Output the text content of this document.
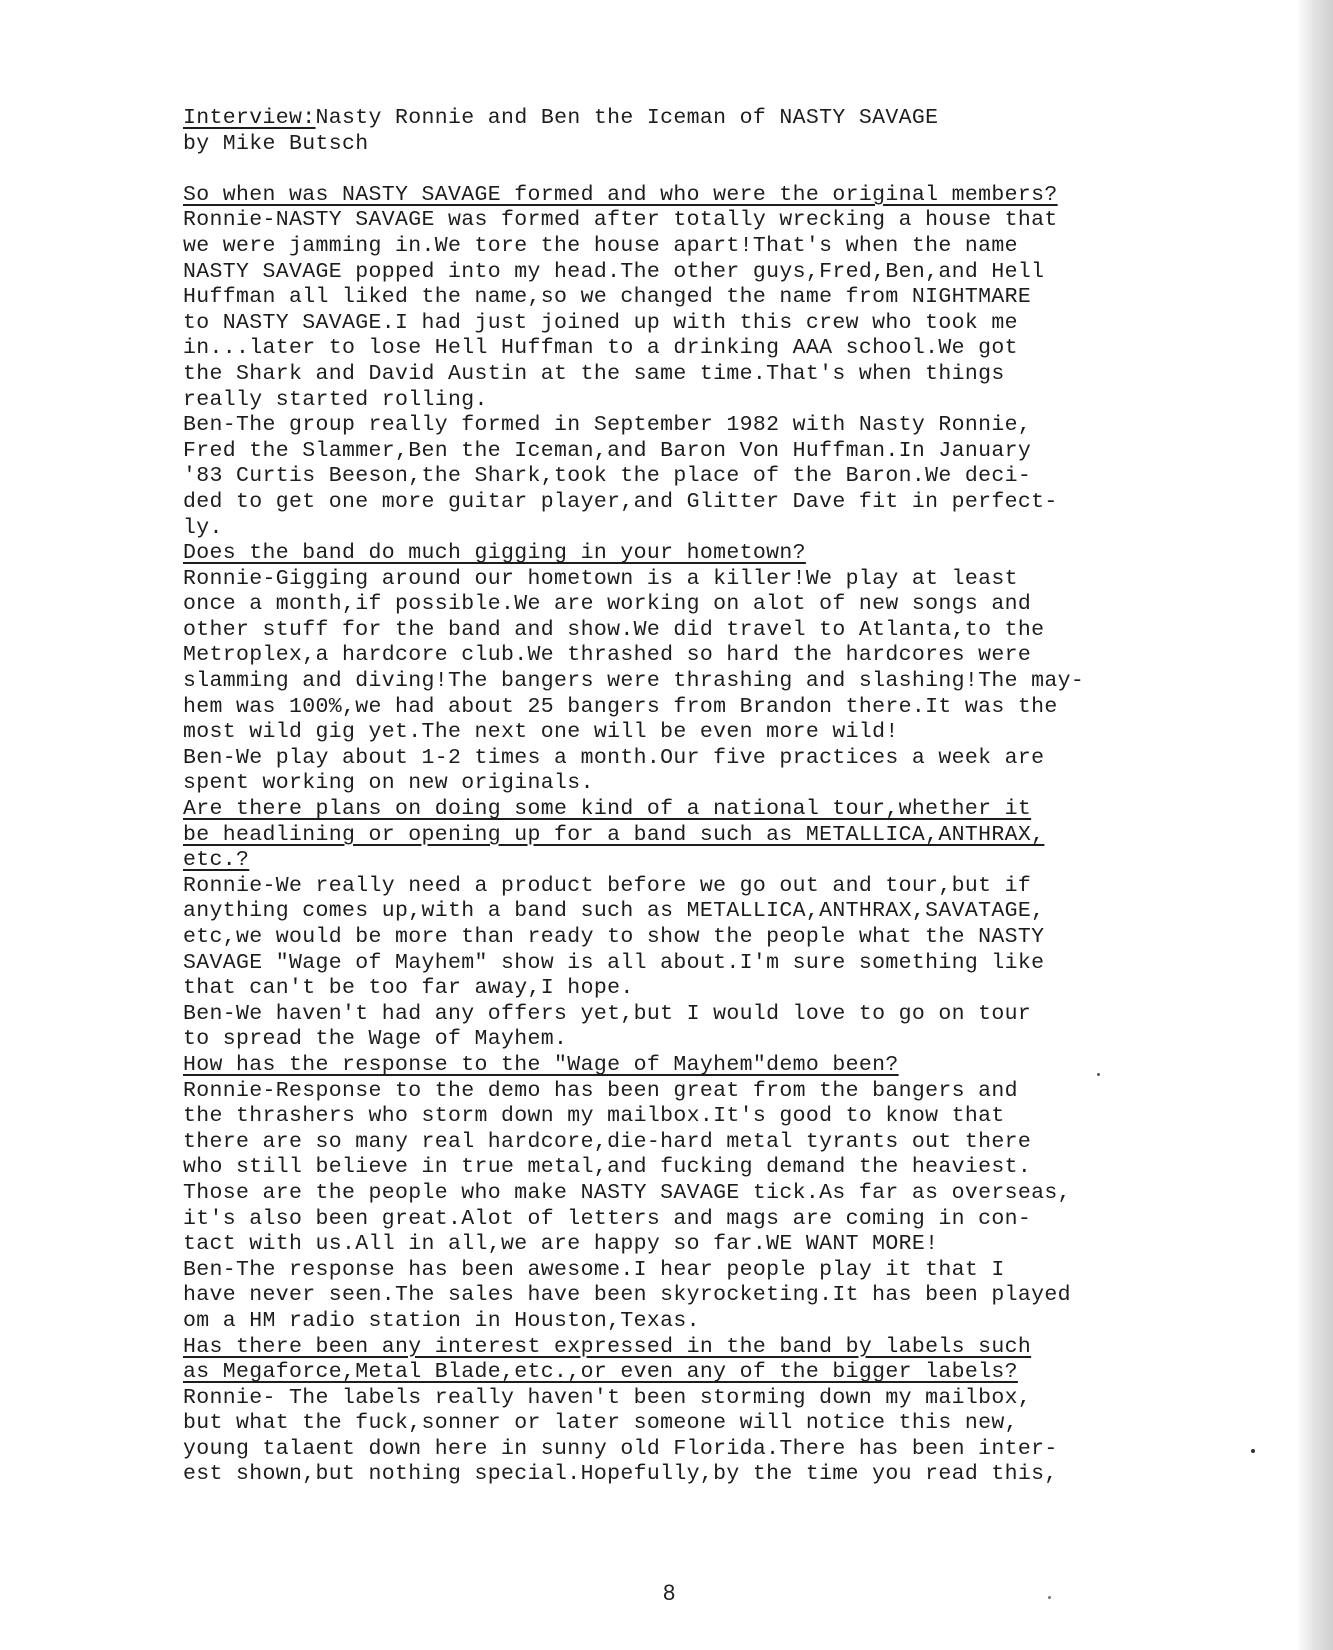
Interview:Nasty Ronnie and Ben the Iceman of NASTY SAVAGE
by Mike Butsch
So when was NASTY SAVAGE formed and who were the original members?
Ronnie-NASTY SAVAGE was formed after totally wrecking a house that
we were jamming in.We tore the house apart!That's when the name
NASTY SAVAGE popped into my head.The other guys,Fred,Ben,and Hell
Huffman all liked the name,so we changed the name from NIGHTMARE
to NASTY SAVAGE.I had just joined up with this crew who took me
in...later to lose Hell Huffman to a drinking AAA school.We got
the Shark and David Austin at the same time.That's when things
really started rolling.
Ben-The group really formed in September 1982 with Nasty Ronnie,
Fred the Slammer,Ben the Iceman,and Baron Von Huffman.In January
'83 Curtis Beeson,the Shark,took the place of the Baron.We deci-
ded to get one more guitar player,and Glitter Dave fit in perfect-
ly.
Does the band do much gigging in your hometown?
Ronnie-Gigging around our hometown is a killer!We play at least
once a month,if possible.We are working on alot of new songs and
other stuff for the band and show.We did travel to Atlanta,to the
Metroplex,a hardcore club.We thrashed so hard the hardcores were
slamming and diving!The bangers were thrashing and slashing!The may-
hem was 100%,we had about 25 bangers from Brandon there.It was the
most wild gig yet.The next one will be even more wild!
Ben-We play about 1-2 times a month.Our five practices a week are
spent working on new originals.
Are there plans on doing some kind of a national tour,whether it
be headlining or opening up for a band such as METALLICA,ANTHRAX,
etc.?
Ronnie-We really need a product before we go out and tour,but if
anything comes up,with a band such as METALLICA,ANTHRAX,SAVATAGE,
etc,we would be more than ready to show the people what the NASTY
SAVAGE "Wage of Mayhem" show is all about.I'm sure something like
that can't be too far away,I hope.
Ben-We haven't had any offers yet,but I would love to go on tour
to spread the Wage of Mayhem.
How has the response to the "Wage of Mayhem"demo been?
Ronnie-Response to the demo has been great from the bangers and
the thrashers who storm down my mailbox.It's good to know that
there are so many real hardcore,die-hard metal tyrants out there
who still believe in true metal,and fucking demand the heaviest.
Those are the people who make NASTY SAVAGE tick.As far as overseas,
it's also been great.Alot of letters and mags are coming in con-
tact with us.All in all,we are happy so far.WE WANT MORE!
Ben-The response has been awesome.I hear people play it that I
have never seen.The sales have been skyrocketing.It has been played
om a HM radio station in Houston,Texas.
Has there been any interest expressed in the band by labels such
as Megaforce,Metal Blade,etc.,or even any of the bigger labels?
Ronnie- The labels really haven't been storming down my mailbox,
but what the fuck,sonner or later someone will notice this new,
young talaent down here in sunny old Florida.There has been inter-
est shown,but nothing special.Hopefully,by the time you read this,
8
